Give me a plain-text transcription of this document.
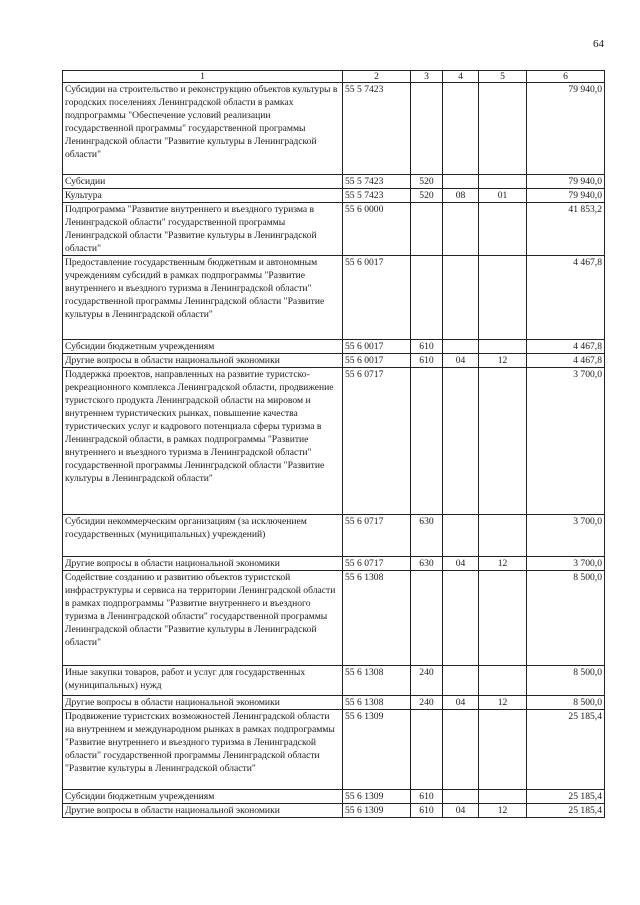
64
1	2	3	4	5	6
Субсидии на строительство и реконструкцию объектов культуры в городских поселениях Ленинградской области в рамках подпрограммы "Обеспечение условий реализации государственной программы" государственной программы Ленинградской области "Развитие культуры в Ленинградской области"	55 5 7423				79 940,0
Субсидии	55 5 7423	520			79 940,0
Культура	55 5 7423	520	08	01	79 940,0
Подпрограмма "Развитие внутреннего и въездного туризма в Ленинградской области" государственной программы Ленинградской области "Развитие культуры в Ленинградской области"	55 6 0000				41 853,2
Предоставление государственным бюджетным и автономным учреждениям субсидий в рамках подпрограммы "Развитие внутреннего и въездного туризма в Ленинградской области" государственной программы Ленинградской области "Развитие культуры в Ленинградской области"	55 6 0017				4 467,8
Субсидии бюджетным учреждениям	55 6 0017	610			4 467,8
Другие вопросы в области национальной экономики	55 6 0017	610	04	12	4 467,8
Поддержка проектов, направленных на развитие туристско-рекреационного комплекса Ленинградской области, продвижение туристского продукта Ленинградской области на мировом и внутреннем туристических рынках, повышение качества туристических услуг и кадрового потенциала сферы туризма в Ленинградской области, в рамках подпрограммы "Развитие внутреннего и въездного туризма в Ленинградской области" государственной программы Ленинградской области "Развитие культуры в Ленинградской области"	55 6 0717				3 700,0
Субсидии некоммерческим организациям (за исключением государственных (муниципальных) учреждений)	55 6 0717	630			3 700,0
Другие вопросы в области национальной экономики	55 6 0717	630	04	12	3 700,0
Содействие созданию и развитию объектов туристской инфраструктуры и сервиса на территории Ленинградской области в рамках подпрограммы "Развитие внутреннего и въездного туризма в Ленинградской области" государственной программы Ленинградской области "Развитие культуры в Ленинградской области"	55 6 1308				8 500,0
Иные закупки товаров, работ и услуг для государственных (муниципальных) нужд	55 6 1308	240			8 500,0
Другие вопросы в области национальной экономики	55 6 1308	240	04	12	8 500,0
Продвижение туристских возможностей Ленинградской области на внутреннем и международном рынках в рамках подпрограммы "Развитие внутреннего и въездного туризма в Ленинградской области" государственной программы Ленинградской области "Развитие культуры в Ленинградской области"	55 6 1309				25 185,4
Субсидии бюджетным учреждениям	55 6 1309	610			25 185,4
Другие вопросы в области национальной экономики	55 6 1309	610	04	12	25 185,4
